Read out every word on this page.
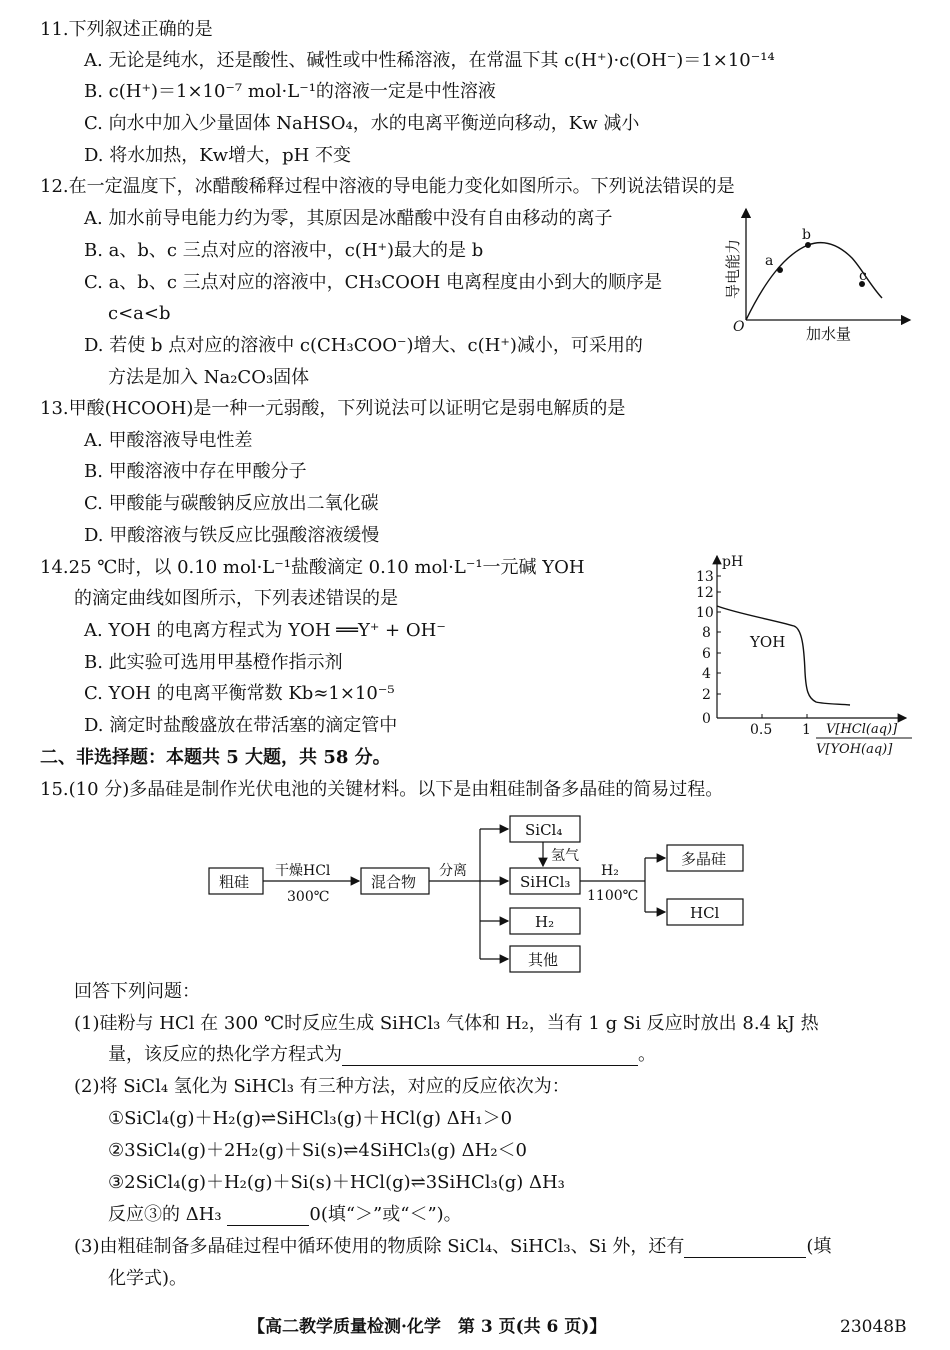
11.下列叙述正确的是
A. 无论是纯水，还是酸性、碱性或中性稀溶液，在常温下其 c(H⁺)·c(OH⁻)＝1×10⁻¹⁴
B. c(H⁺)＝1×10⁻⁷ mol·L⁻¹的溶液一定是中性溶液
C. 向水中加入少量固体 NaHSO₄，水的电离平衡逆向移动，Kw 减小
D. 将水加热，Kw增大，pH 不变
12.在一定温度下，冰醋酸稀释过程中溶液的导电能力变化如图所示。下列说法错误的是
A. 加水前导电能力约为零，其原因是冰醋酸中没有自由移动的离子
B. a、b、c 三点对应的溶液中，c(H⁺)最大的是 b
C. a、b、c 三点对应的溶液中，CH₃COOH 电离程度由小到大的顺序是
c<a<b
D. 若使 b 点对应的溶液中 c(CH₃COO⁻)增大、c(H⁺)减小，可采用的
方法是加入 Na₂CO₃固体
a
b
c
O	加水量
导电能力
13.甲酸(HCOOH)是一种一元弱酸，下列说法可以证明它是弱电解质的是
A. 甲酸溶液导电性差
B. 甲酸溶液中存在甲酸分子
C. 甲酸能与碳酸钠反应放出二氧化碳
D. 甲酸溶液与铁反应比强酸溶液缓慢
14.25 ℃时，以 0.10 mol·L⁻¹盐酸滴定 0.10 mol·L⁻¹一元碱 YOH
的滴定曲线如图所示，下列表述错误的是
A. YOH 的电离方程式为 YOH ══Y⁺ + OH⁻
B. 此实验可选用甲基橙作指示剂
C. YOH 的电离平衡常数 Kb≈1×10⁻⁵
D. 滴定时盐酸盛放在带活塞的滴定管中	0
2
4
6
8
10
12
13
pH
YOH
0.5 1 V[HCl(aq)]
V[YOH(aq)]
二、非选择题：本题共 5 大题，共 58 分。
15.(10 分)多晶硅是制作光伏电池的关键材料。以下是由粗硅制备多晶硅的简易过程。
粗硅
干燥HCl
300℃
混合物
分离
SiCl₄
氢气
SiHCl₃
H₂
其他
H₂
1100℃
多晶硅
HCl
回答下列问题：
(1)硅粉与 HCl 在 300 ℃时反应生成 SiHCl₃ 气体和 H₂，当有 1 g Si 反应时放出 8.4 kJ 热
量，该反应的热化学方程式为	。
(2)将 SiCl₄ 氢化为 SiHCl₃ 有三种方法，对应的反应依次为：
①SiCl₄(g)＋H₂(g)⇌SiHCl₃(g)＋HCl(g) ΔH₁＞0
②3SiCl₄(g)＋2H₂(g)＋Si(s)⇌4SiHCl₃(g) ΔH₂＜0
③2SiCl₄(g)＋H₂(g)＋Si(s)＋HCl(g)⇌3SiHCl₃(g) ΔH₃
反应③的 ΔH₃	0(填“＞”或“＜”)。
(3)由粗硅制备多晶硅过程中循环使用的物质除 SiCl₄、SiHCl₃、Si 外，还有	(填
化学式)。
【高二教学质量检测·化学　第 3 页(共 6 页)】	23048B
